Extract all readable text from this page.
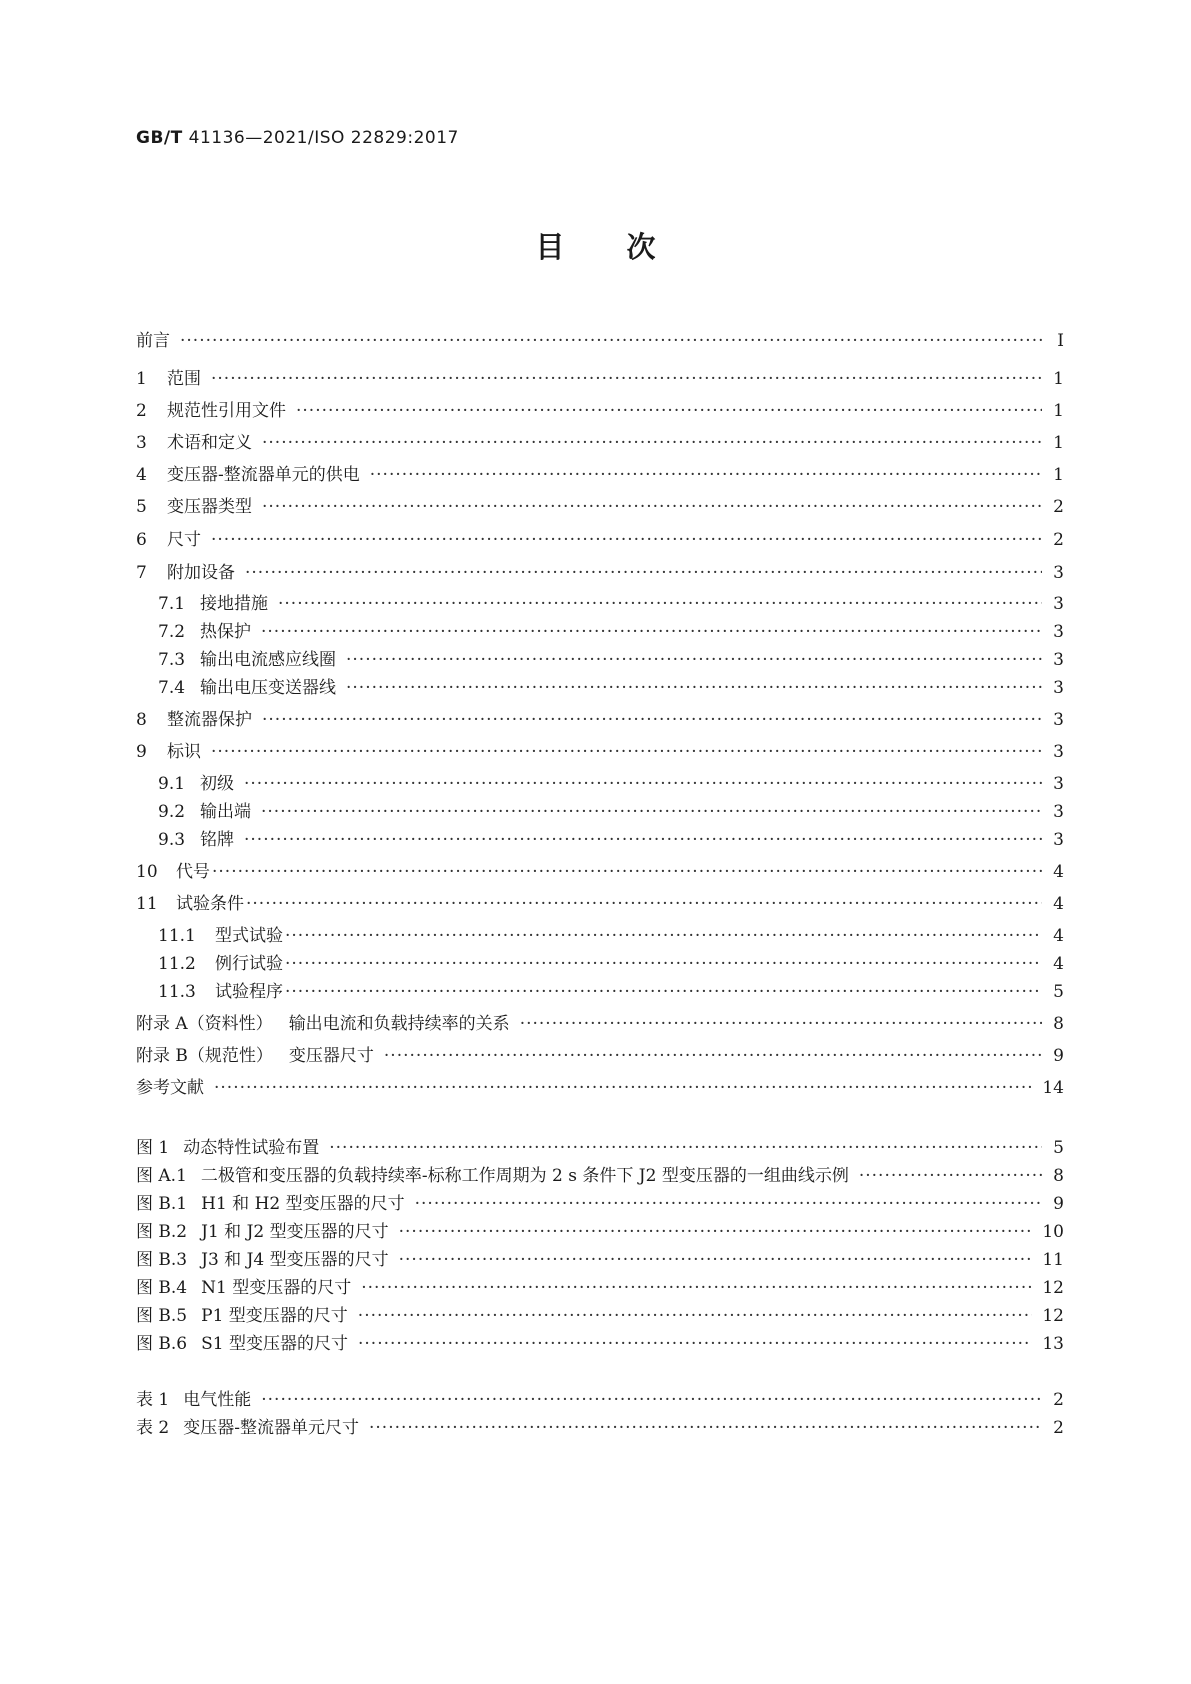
GB/T 41136—2021/ISO 22829:2017
目次
前言 ·····	Ⅰ
1	范围 ·····	1
2	规范性引用文件 ·····	1
3	术语和定义 ·····	1
4	变压器-整流器单元的供电 ·····	1
5	变压器类型 ·····	2
6	尺寸 ·····	2
7	附加设备 ·····	3
7.1 接地措施 ·····	3
7.2 热保护 ·····	3
7.3 输出电流感应线圈 ·····	3
7.4 输出电压变送器线 ·····	3
8	整流器保护 ·····	3
9	标识 ·····	3
9.1 初级 ·····	3
9.2 输出端 ·····	3
9.3 铭牌 ·····	3
10	代号 ·····	4
11	试验条件 ·····	4
11.1	型式试验 ·····	4
11.2	例行试验 ·····	4
11.3	试验程序 ·····	5
附录 A（资料性） 输出电流和负载持续率的关系 ·····	8
附录 B（规范性） 变压器尺寸 ·····	9
参考文献 ·····	14
图 1 动态特性试验布置 ·····	5
图 A.1 二极管和变压器的负载持续率-标称工作周期为 2 s 条件下 J2 型变压器的一组曲线示例 ·····	8
图 B.1 H1 和 H2 型变压器的尺寸 ·····	9
图 B.2 J1 和 J2 型变压器的尺寸 ·····	10
图 B.3 J3 和 J4 型变压器的尺寸 ·····	11
图 B.4 N1 型变压器的尺寸 ·····	12
图 B.5 P1 型变压器的尺寸 ·····	12
图 B.6 S1 型变压器的尺寸 ·····	13
表 1 电气性能 ·····	2
表 2 变压器-整流器单元尺寸 ·····	2
